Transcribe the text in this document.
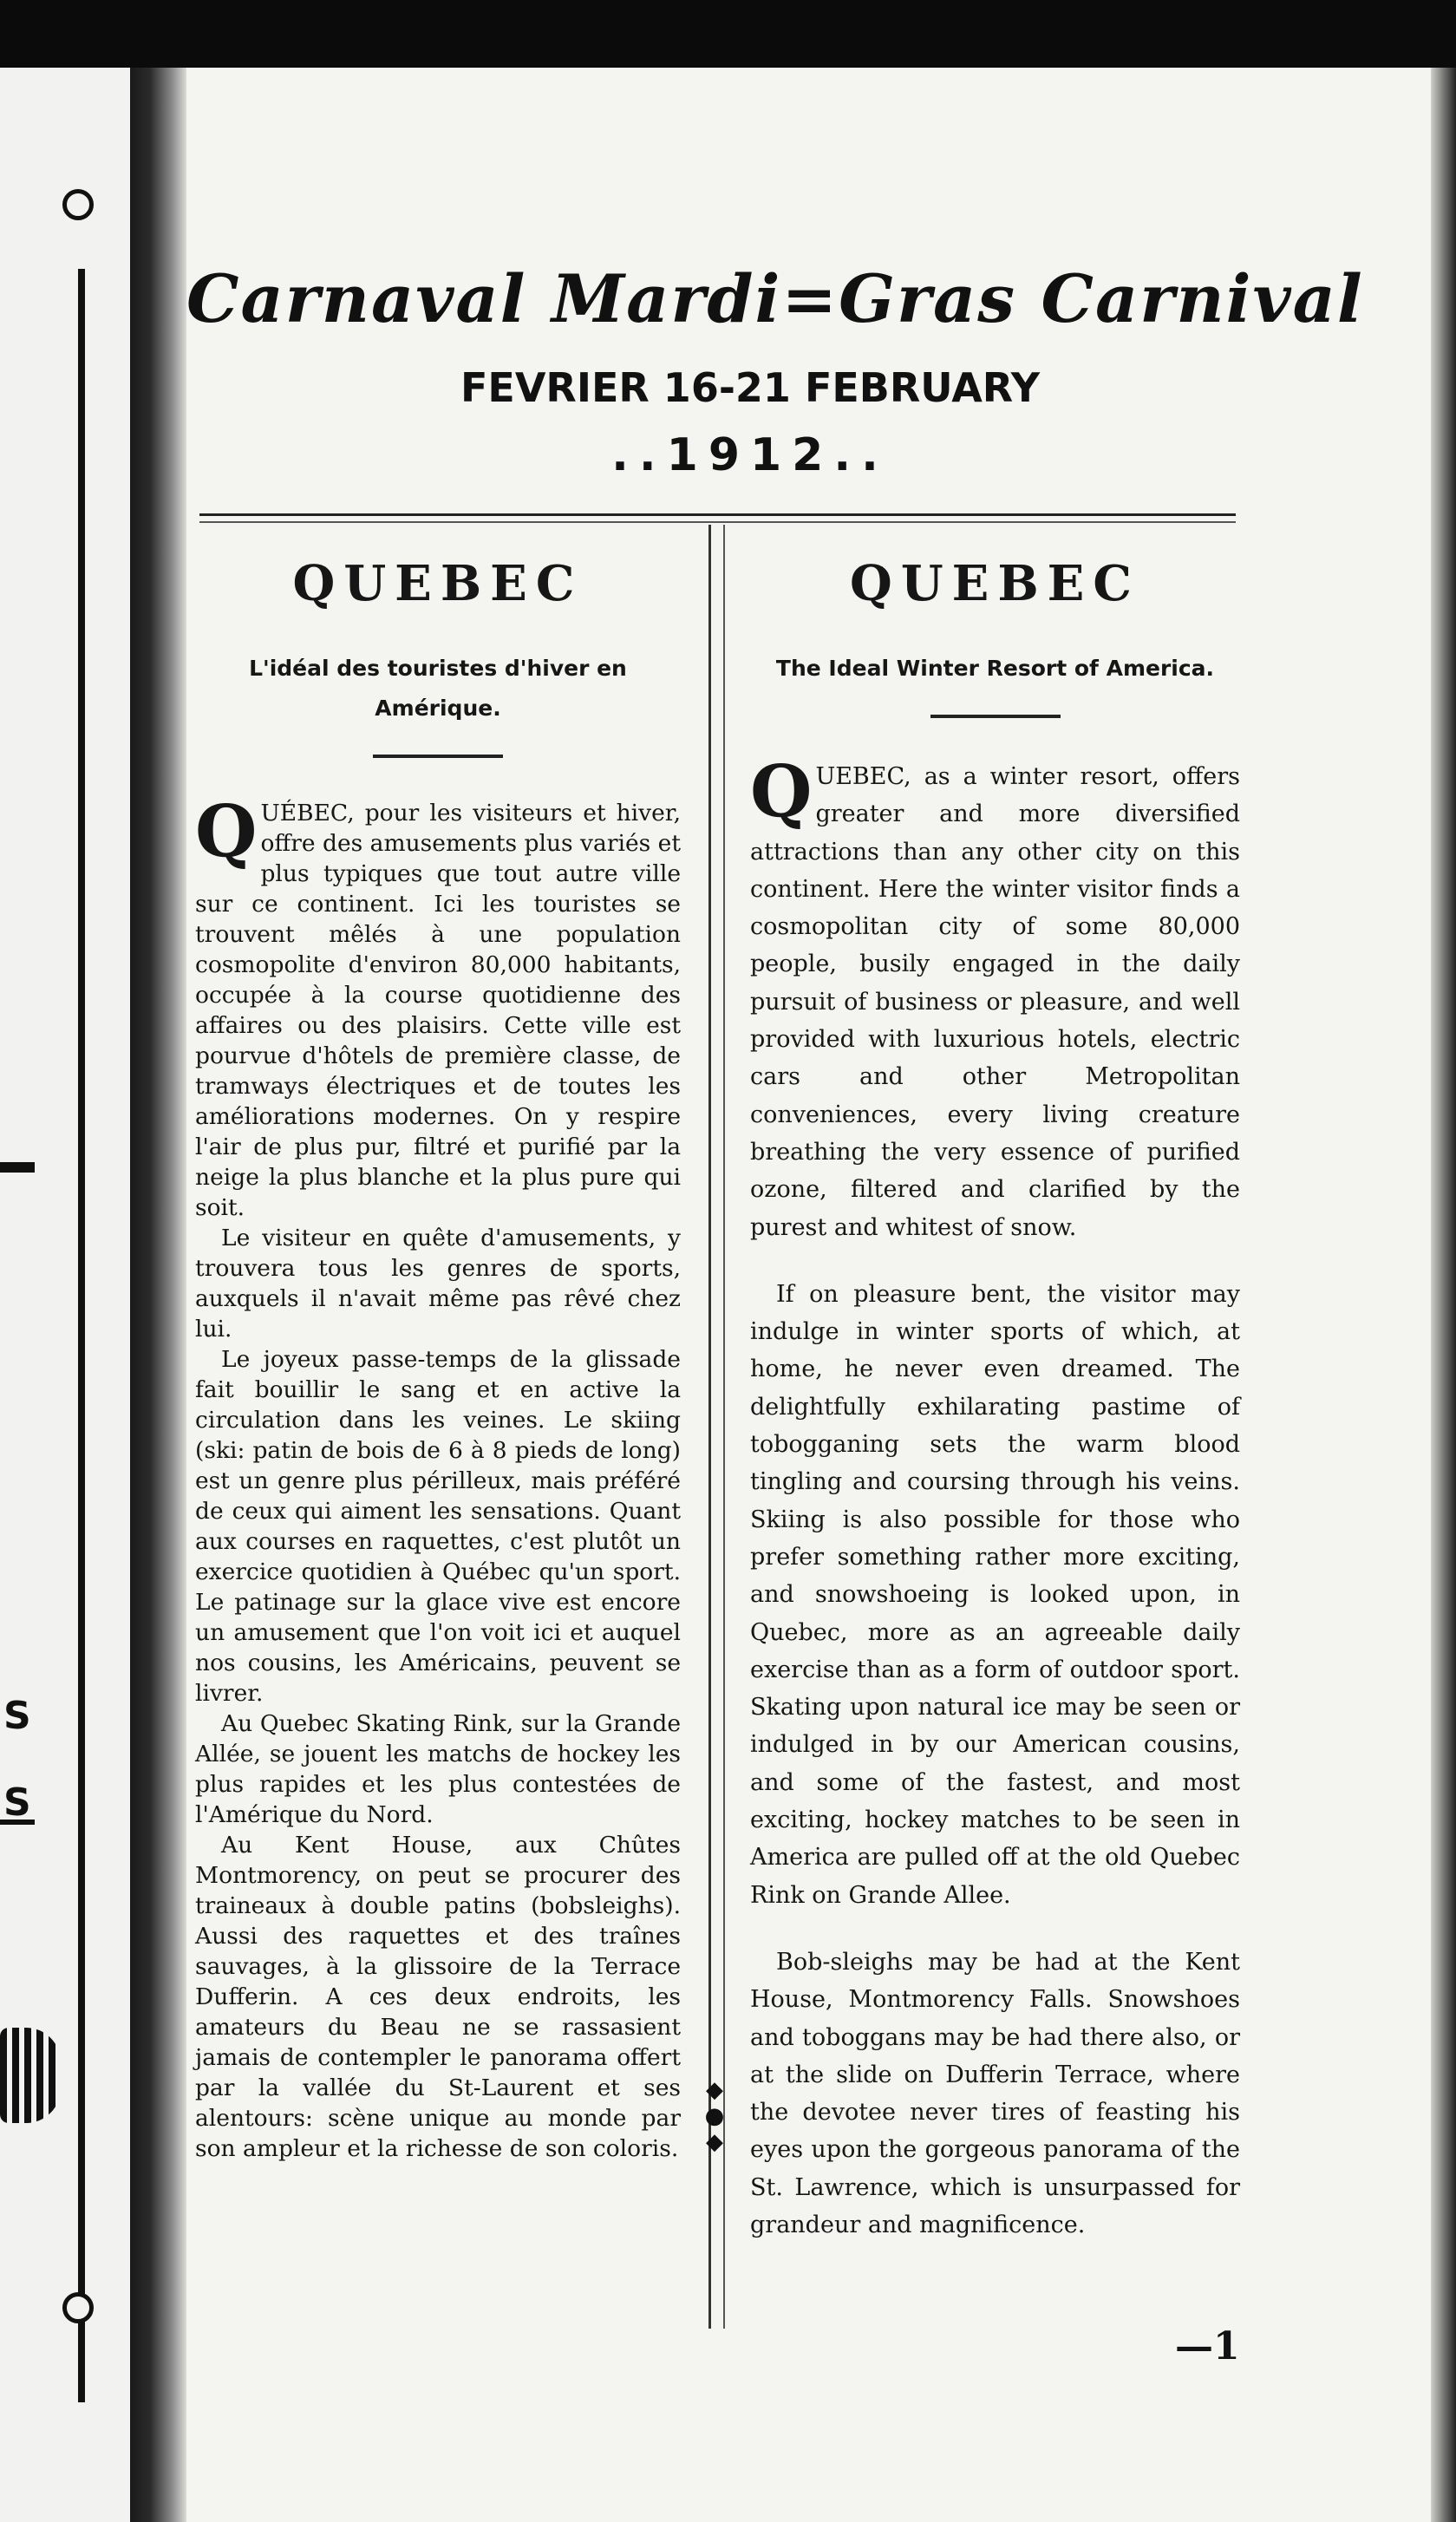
S
S
Carnaval Mardi=Gras Carnival
FEVRIER 16-21 FEBRUARY
..1912..
◆
●
◆
QUEBEC
L'idéal des touristes d'hiver en Amérique.

QUÉBEC, pour les visiteurs et hiver, offre des amusements plus variés et plus typiques que tout autre ville sur ce continent. Ici les touristes se trouvent mêlés à une population cosmopolite d'environ 80,000 habitants, occupée à la course quotidienne des affaires ou des plaisirs. Cette ville est pourvue d'hôtels de première classe, de tramways électriques et de toutes les améliorations modernes. On y respire l'air de plus pur, filtré et purifié par la neige la plus blanche et la plus pure qui soit.

Le visiteur en quête d'amusements, y trouvera tous les genres de sports, auxquels il n'avait même pas rêvé chez lui.

Le joyeux passe-temps de la glissade fait bouillir le sang et en active la circulation dans les veines. Le skiing (ski: patin de bois de 6 à 8 pieds de long) est un genre plus périlleux, mais préféré de ceux qui aiment les sensations. Quant aux courses en raquettes, c'est plutôt un exercice quotidien à Québec qu'un sport. Le patinage sur la glace vive est encore un amusement que l'on voit ici et auquel nos cousins, les Américains, peuvent se livrer.

Au Quebec Skating Rink, sur la Grande Allée, se jouent les matchs de hockey les plus rapides et les plus contestées de l'Amérique du Nord.

Au Kent House, aux Chûtes Montmorency, on peut se procurer des traineaux à double patins (bobsleighs). Aussi des raquettes et des traînes sauvages, à la glissoire de la Terrace Dufferin. A ces deux endroits, les amateurs du Beau ne se rassasient jamais de contempler le panorama offert par la vallée du St-Laurent et ses alentours: scène unique au monde par son ampleur et la richesse de son coloris.

QUEBEC
The Ideal Winter Resort of America.

QUEBEC, as a winter resort, offers greater and more diversified attractions than any other city on this continent. Here the winter visitor finds a cosmopolitan city of some 80,000 people, busily engaged in the daily pursuit of business or pleasure, and well provided with luxurious hotels, electric cars and other Metropolitan conveniences, every living creature breathing the very essence of purified ozone, filtered and clarified by the purest and whitest of snow.

If on pleasure bent, the visitor may indulge in winter sports of which, at home, he never even dreamed. The delightfully exhilarating pastime of tobogganing sets the warm blood tingling and coursing through his veins. Skiing is also possible for those who prefer something rather more exciting, and snowshoeing is looked upon, in Quebec, more as an agreeable daily exercise than as a form of outdoor sport. Skating upon natural ice may be seen or indulged in by our American cousins, and some of the fastest, and most exciting, hockey matches to be seen in America are pulled off at the old Quebec Rink on Grande Allee.

Bob-sleighs may be had at the Kent House, Montmorency Falls. Snowshoes and toboggans may be had there also, or at the slide on Dufferin Terrace, where the devotee never tires of feasting his eyes upon the gorgeous panorama of the St. Lawrence, which is unsurpassed for grandeur and magnificence.

—1
